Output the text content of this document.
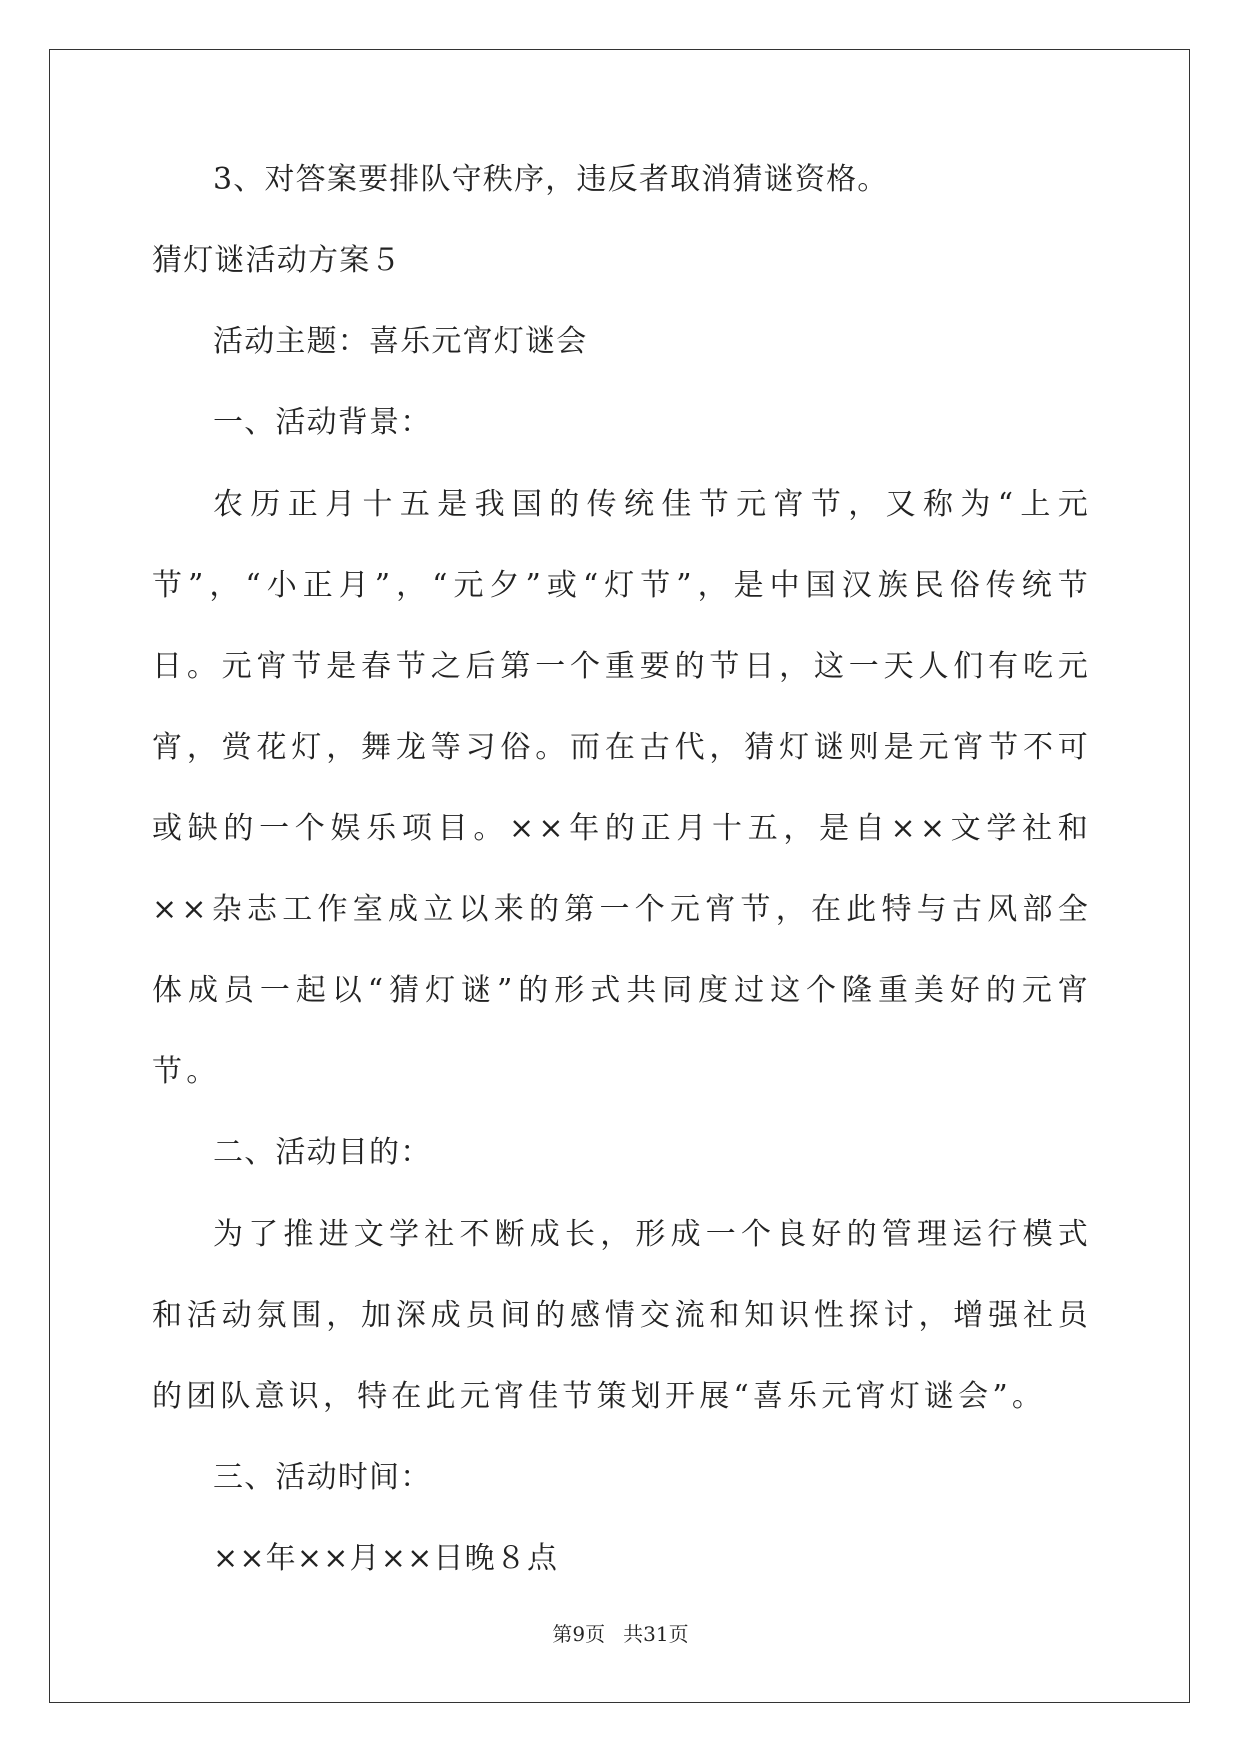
3、对答案要排队守秩序，违反者取消猜谜资格。
猜灯谜活动方案５
活动主题：喜乐元宵灯谜会
一、活动背景：
农历正月十五是我国的传统佳节元宵节，又称为“上元节”，“小正月”，“元夕”或“灯节”，是中国汉族民俗传统节日。元宵节是春节之后第一个重要的节日，这一天人们有吃元宵，赏花灯，舞龙等习俗。而在古代，猜灯谜则是元宵节不可或缺的一个娱乐项目。××年的正月十五，是自××文学社和××杂志工作室成立以来的第一个元宵节，在此特与古风部全体成员一起以“猜灯谜”的形式共同度过这个隆重美好的元宵节。
二、活动目的：
为了推进文学社不断成长，形成一个良好的管理运行模式和活动氛围，加深成员间的感情交流和知识性探讨，增强社员的团队意识，特在此元宵佳节策划开展“喜乐元宵灯谜会”。
三、活动时间：
××年××月××日晚８点
第9页 共31页
